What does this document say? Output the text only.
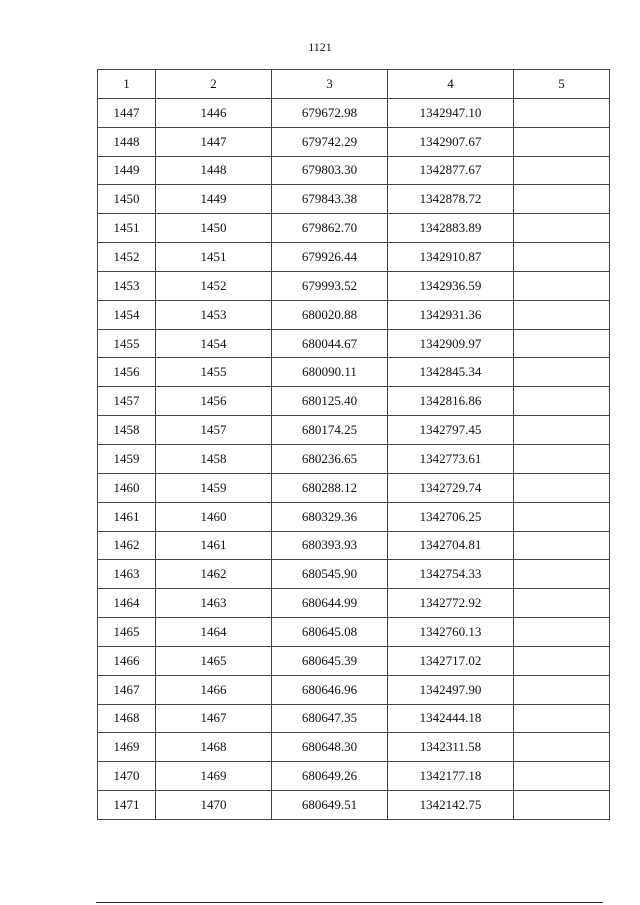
1121
1	2	3	4	5
1447	1446	679672.98	1342947.10	
1448	1447	679742.29	1342907.67	
1449	1448	679803.30	1342877.67	
1450	1449	679843.38	1342878.72	
1451	1450	679862.70	1342883.89	
1452	1451	679926.44	1342910.87	
1453	1452	679993.52	1342936.59	
1454	1453	680020.88	1342931.36	
1455	1454	680044.67	1342909.97	
1456	1455	680090.11	1342845.34	
1457	1456	680125.40	1342816.86	
1458	1457	680174.25	1342797.45	
1459	1458	680236.65	1342773.61	
1460	1459	680288.12	1342729.74	
1461	1460	680329.36	1342706.25	
1462	1461	680393.93	1342704.81	
1463	1462	680545.90	1342754.33	
1464	1463	680644.99	1342772.92	
1465	1464	680645.08	1342760.13	
1466	1465	680645.39	1342717.02	
1467	1466	680646.96	1342497.90	
1468	1467	680647.35	1342444.18	
1469	1468	680648.30	1342311.58	
1470	1469	680649.26	1342177.18	
1471	1470	680649.51	1342142.75	
